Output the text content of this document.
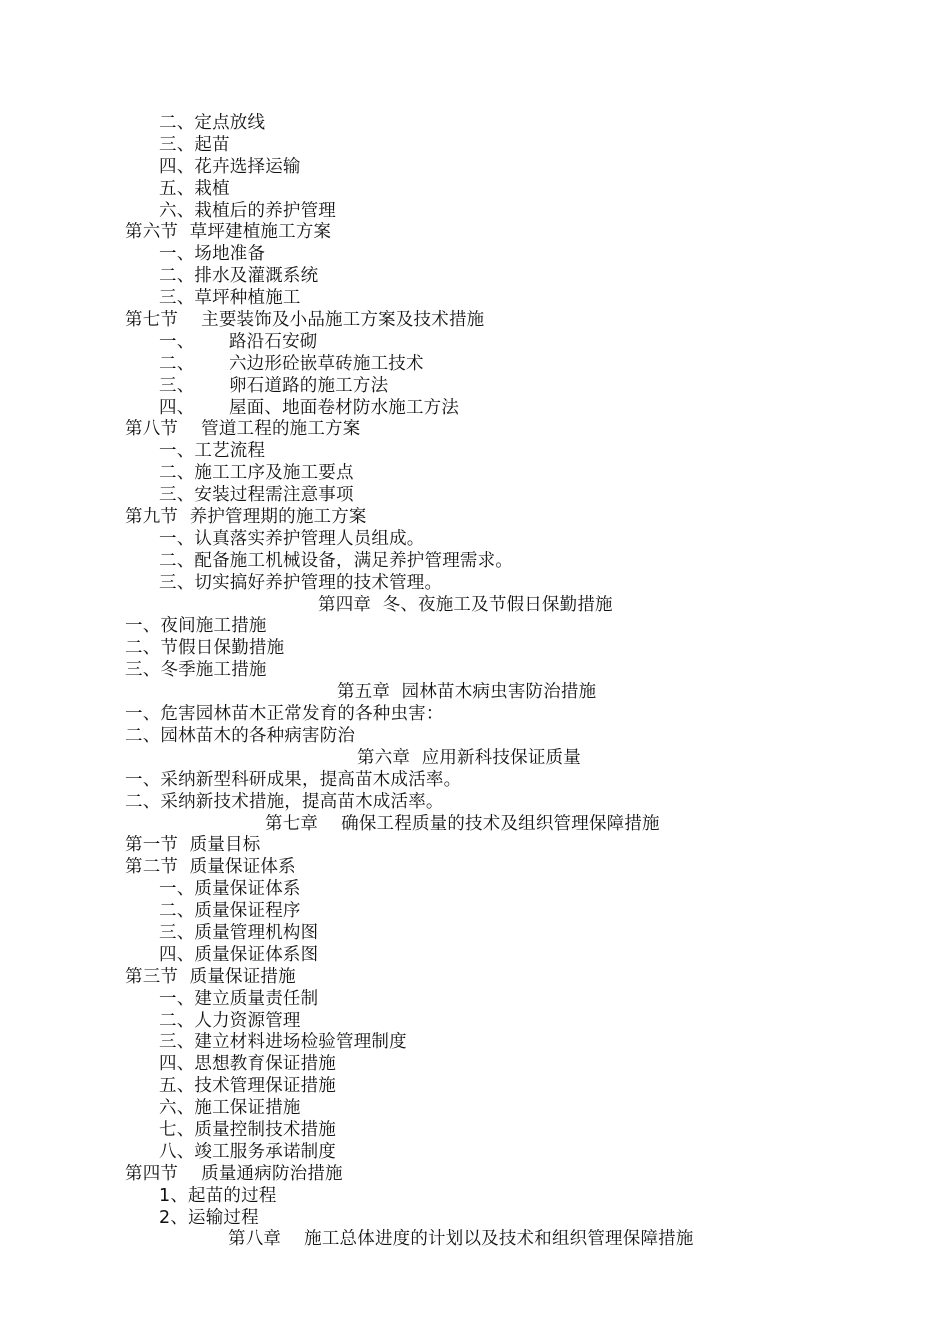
二、定点放线
三、起苗
四、花卉选择运输
五、栽植
六、栽植后的养护管理
第六节  草坪建植施工方案
一、场地准备
二、排水及灌溉系统
三、草坪种植施工
第七节    主要装饰及小品施工方案及技术措施
一、      路沿石安砌
二、      六边形砼嵌草砖施工技术
三、      卵石道路的施工方法
四、      屋面、地面卷材防水施工方法
第八节    管道工程的施工方案
一、工艺流程
二、施工工序及施工要点
三、安装过程需注意事项
第九节  养护管理期的施工方案
一、认真落实养护管理人员组成。
二、配备施工机械设备，满足养护管理需求。
三、切实搞好养护管理的技术管理。
第四章  冬、夜施工及节假日保勤措施
一、夜间施工措施
二、节假日保勤措施
三、冬季施工措施
第五章  园林苗木病虫害防治措施
一、危害园林苗木正常发育的各种虫害：
二、园林苗木的各种病害防治
第六章  应用新科技保证质量
一、采纳新型科研成果，提高苗木成活率。
二、采纳新技术措施，提高苗木成活率。
第七章    确保工程质量的技术及组织管理保障措施
第一节  质量目标
第二节  质量保证体系
一、质量保证体系
二、质量保证程序
三、质量管理机构图
四、质量保证体系图
第三节  质量保证措施
一、建立质量责任制
二、人力资源管理
三、建立材料进场检验管理制度
四、思想教育保证措施
五、技术管理保证措施
六、施工保证措施
七、质量控制技术措施
八、竣工服务承诺制度
第四节    质量通病防治措施
1、起苗的过程
2、运输过程
第八章    施工总体进度的计划以及技术和组织管理保障措施
